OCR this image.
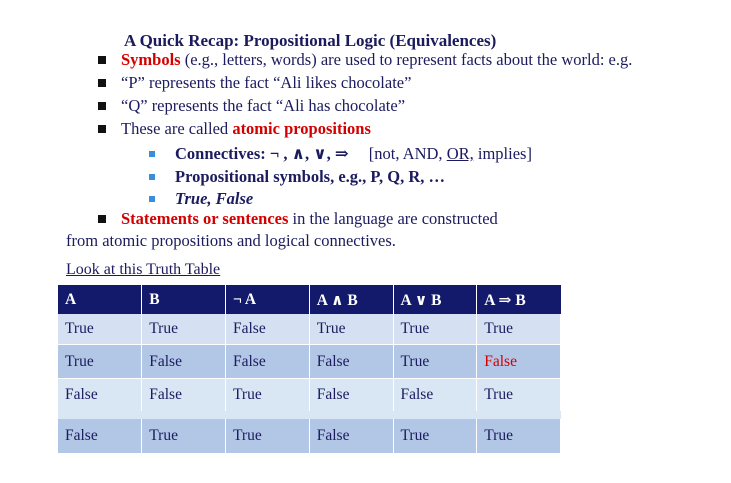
A Quick Recap: Propositional Logic (Equivalences)
Symbols (e.g., letters, words) are used to represent facts about the world: e.g.
“P” represents the fact “Ali likes chocolate”
“Q” represents the fact “Ali has chocolate”
These are called atomic propositions
Connectives: ¬ , ∧, ∨, ⇒ [not, AND, OR, implies]
Propositional symbols, e.g., P, Q, R, …
True, False
Statements or sentences in the language are constructed
from atomic propositions and logical connectives.
Look at this Truth Table
A	B	¬ A	A ∧ B	A ∨ B	A ⇒ B
True	True	False	True	True	True
True	False	False	False	True	False
False	False	True	False	False	True
False	True	True	False	True	True
